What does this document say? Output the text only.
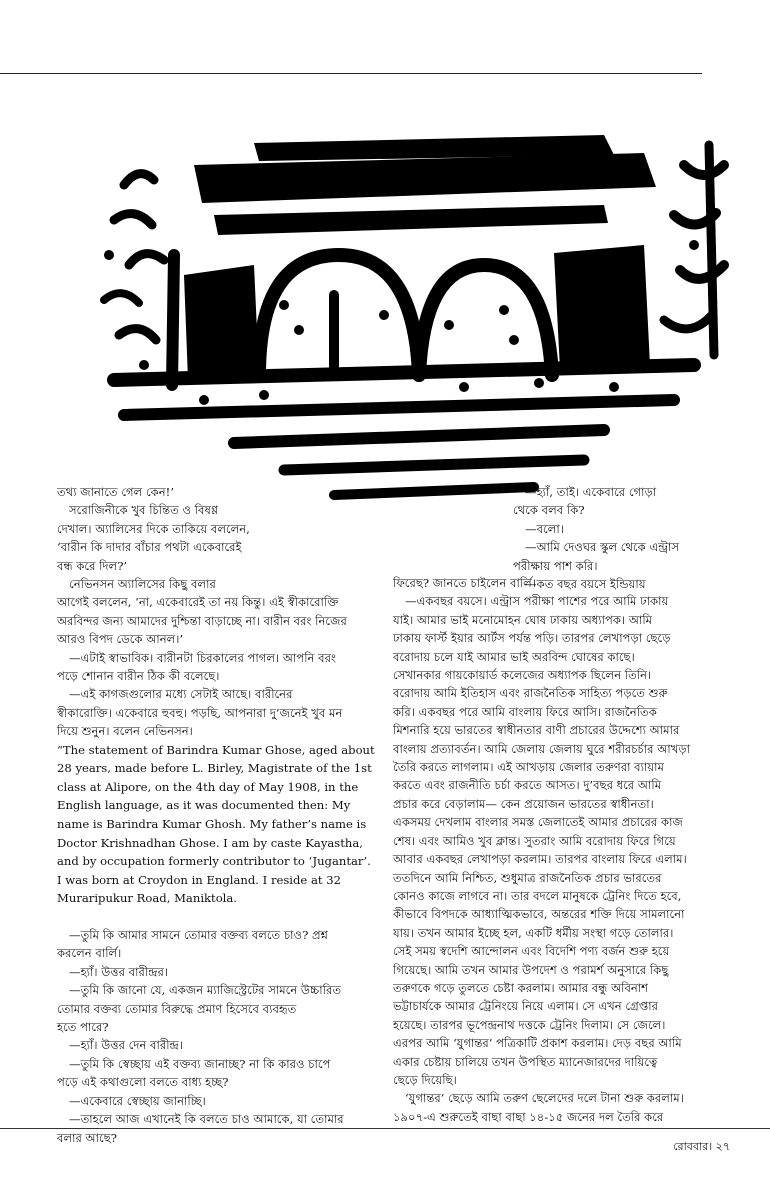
তথ্য জানাতে গেল কেন!’

সরোজিনীকে খুব চিন্তিত ও বিষণ্ণ

দেখাল। অ্যালিসের দিকে তাকিয়ে বললেন,

‘বারীন কি দাদার বাঁচার পথটা একেবারেই

বন্ধ করে দিল?’

নেভিনসন অ্যালিসের কিছু বলার

আগেই বললেন, ‘না, একেবারেই তা নয় কিন্তু। এই স্বীকারোক্তি

অরবিন্দর জন্য আমাদের দুশ্চিন্তা বাড়াচ্ছে না। বারীন বরং নিজের

আরও বিপদ ডেকে আনল।’

—এটাই স্বাভাবিক। বারীনটা চিরকালের পাগল। আপনি বরং

পড়ে শোনান বারীন ঠিক কী বলেছে।

—এই কাগজগুলোর মধ্যে সেটাই আছে। বারীনের

স্বীকারোক্তি। একেবারে হুবহু। পড়ছি, আপনারা দু’জনেই খুব মন

দিয়ে শুনুন। বলেন নেভিনসন।

“The statement of Barindra Kumar Ghose, aged about 28 years, made before L. Birley, Magistrate of the 1st class at Alipore, on the 4th day of May 1908, in the English language, as it was documented then: My name is Barindra Kumar Ghosh. My father’s name is Doctor Krishnadhan Ghose. I am by caste Kayastha, and by occupation formerly contributor to ‘Jugantar’. I was born at Croydon in England. I reside at 32 Muraripukur Road, Maniktola.

—তুমি কি আমার সামনে তোমার বক্তব্য বলতে চাও? প্রশ্ন

করলেন বার্লি।

—হ্যাঁ। উত্তর বারীন্দ্রর।

—তুমি কি জানো যে, একজন ম্যাজিস্ট্রেটের সামনে উচ্চারিত

তোমার বক্তব্য তোমার বিরুদ্ধে প্রমাণ হিসেবে ব্যবহৃত

হতে পারে?

—হ্যাঁ। উত্তর দেন বারীন্দ্র।

—তুমি কি স্বেচ্ছায় এই বক্তব্য জানাচ্ছ? না কি কারও চাপে

পড়ে এই কথাগুলো বলতে বাধ্য হচ্ছ?

—একেবারে স্বেচ্ছায় জানাচ্ছি।

—তাহলে আজ এখানেই কি বলতে চাও আমাকে, যা তোমার

বলার আছে?

—হ্যাঁ, তাই। একেবারে গোড়া

থেকে বলব কি?

—বলো।

—আমি দেওঘর স্কুল থেকে এন্ট্রাস

পরীক্ষায় পাশ করি।

—কত বছর বয়সে ইন্ডিয়ায়

ফিরেছ? জানতে চাইলেন বার্লি।

—একবছর বয়সে। এন্ট্রাস পরীক্ষা পাশের পরে আমি ঢাকায়

যাই। আমার ভাই মনোমোহন ঘোষ ঢাকায় অধ্যাপক। আমি

ঢাকায় ফার্স্ট ইয়ার আর্টস পর্যন্ত পড়ি। তারপর লেখাপড়া ছেড়ে

বরোদায় চলে যাই আমার ভাই অরবিন্দ ঘোষের কাছে।

সেখানকার গায়কোয়ার্ড কলেজের অধ্যাপক ছিলেন তিনি।

বরোদায় আমি ইতিহাস এবং রাজনৈতিক সাহিত্য পড়তে শুরু

করি। একবছর পরে আমি বাংলায় ফিরে আসি। রাজনৈতিক

মিশনারি হয়ে ভারতের স্বাধীনতার বাণী প্রচারের উদ্দেশ্যে আমার

বাংলায় প্রত্যাবর্তন। আমি জেলায় জেলায় ঘুরে শরীরচর্চার আখড়া

তৈরি করতে লাগলাম। এই আখড়ায় জেলার তরুণরা ব্যায়াম

করতে এবং রাজনীতি চর্চা করতে আসত। দু’বছর ধরে আমি

প্রচার করে বেড়ালাম— কেন প্রয়োজন ভারতের স্বাধীনতা।

একসময় দেখলাম বাংলার সমস্ত জেলাতেই আমার প্রচারের কাজ

শেষ। এবং আমিও খুব ক্লান্ত। সুতরাং আমি বরোদায় ফিরে গিয়ে

আবার একবছর লেখাপড়া করলাম। তারপর বাংলায় ফিরে এলাম।

ততদিনে আমি নিশ্চিত, শুধুমাত্র রাজনৈতিক প্রচার ভারতের

কোনও কাজে লাগবে না। তার বদলে মানুষকে ট্রেনিং দিতে হবে,

কীভাবে বিপদকে আধ্যাত্মিকভাবে, অন্তরের শক্তি দিয়ে সামলানো

যায়। তখন আমার ইচ্ছে হল, একটি ধর্মীয় সংস্থা গড়ে তোলার।

সেই সময় স্বদেশি আন্দোলন এবং বিদেশি পণ্য বর্জন শুরু হয়ে

গিয়েছে। আমি তখন আমার উপদেশ ও পরামর্শ অনুসারে কিছু

তরুণকে গড়ে তুলতে চেষ্টা করলাম। আমার বন্ধু অবিনাশ

ভট্টাচার্যকে আমার ট্রেনিংয়ে নিয়ে এলাম। সে এখন গ্রেপ্তার

হয়েছে। তারপর ভূপেন্দ্রনাথ দত্তকে ট্রেনিং দিলাম। সে জেলে।

এরপর আমি ‘যুগান্তর’ পত্রিকাটি প্রকাশ করলাম। দেড় বছর আমি

একার চেষ্টায় চালিয়ে তখন উপস্থিত ম্যানেজারদের দায়িত্বে

ছেড়ে দিয়েছি।

‘যুগান্তর’ ছেড়ে আমি তরুণ ছেলেদের দলে টানা শুরু করলাম।

১৯০৭-এ শুরুতেই বাছা বাছা ১৪-১৫ জনের দল তৈরি করে

রোববার। ২৭
